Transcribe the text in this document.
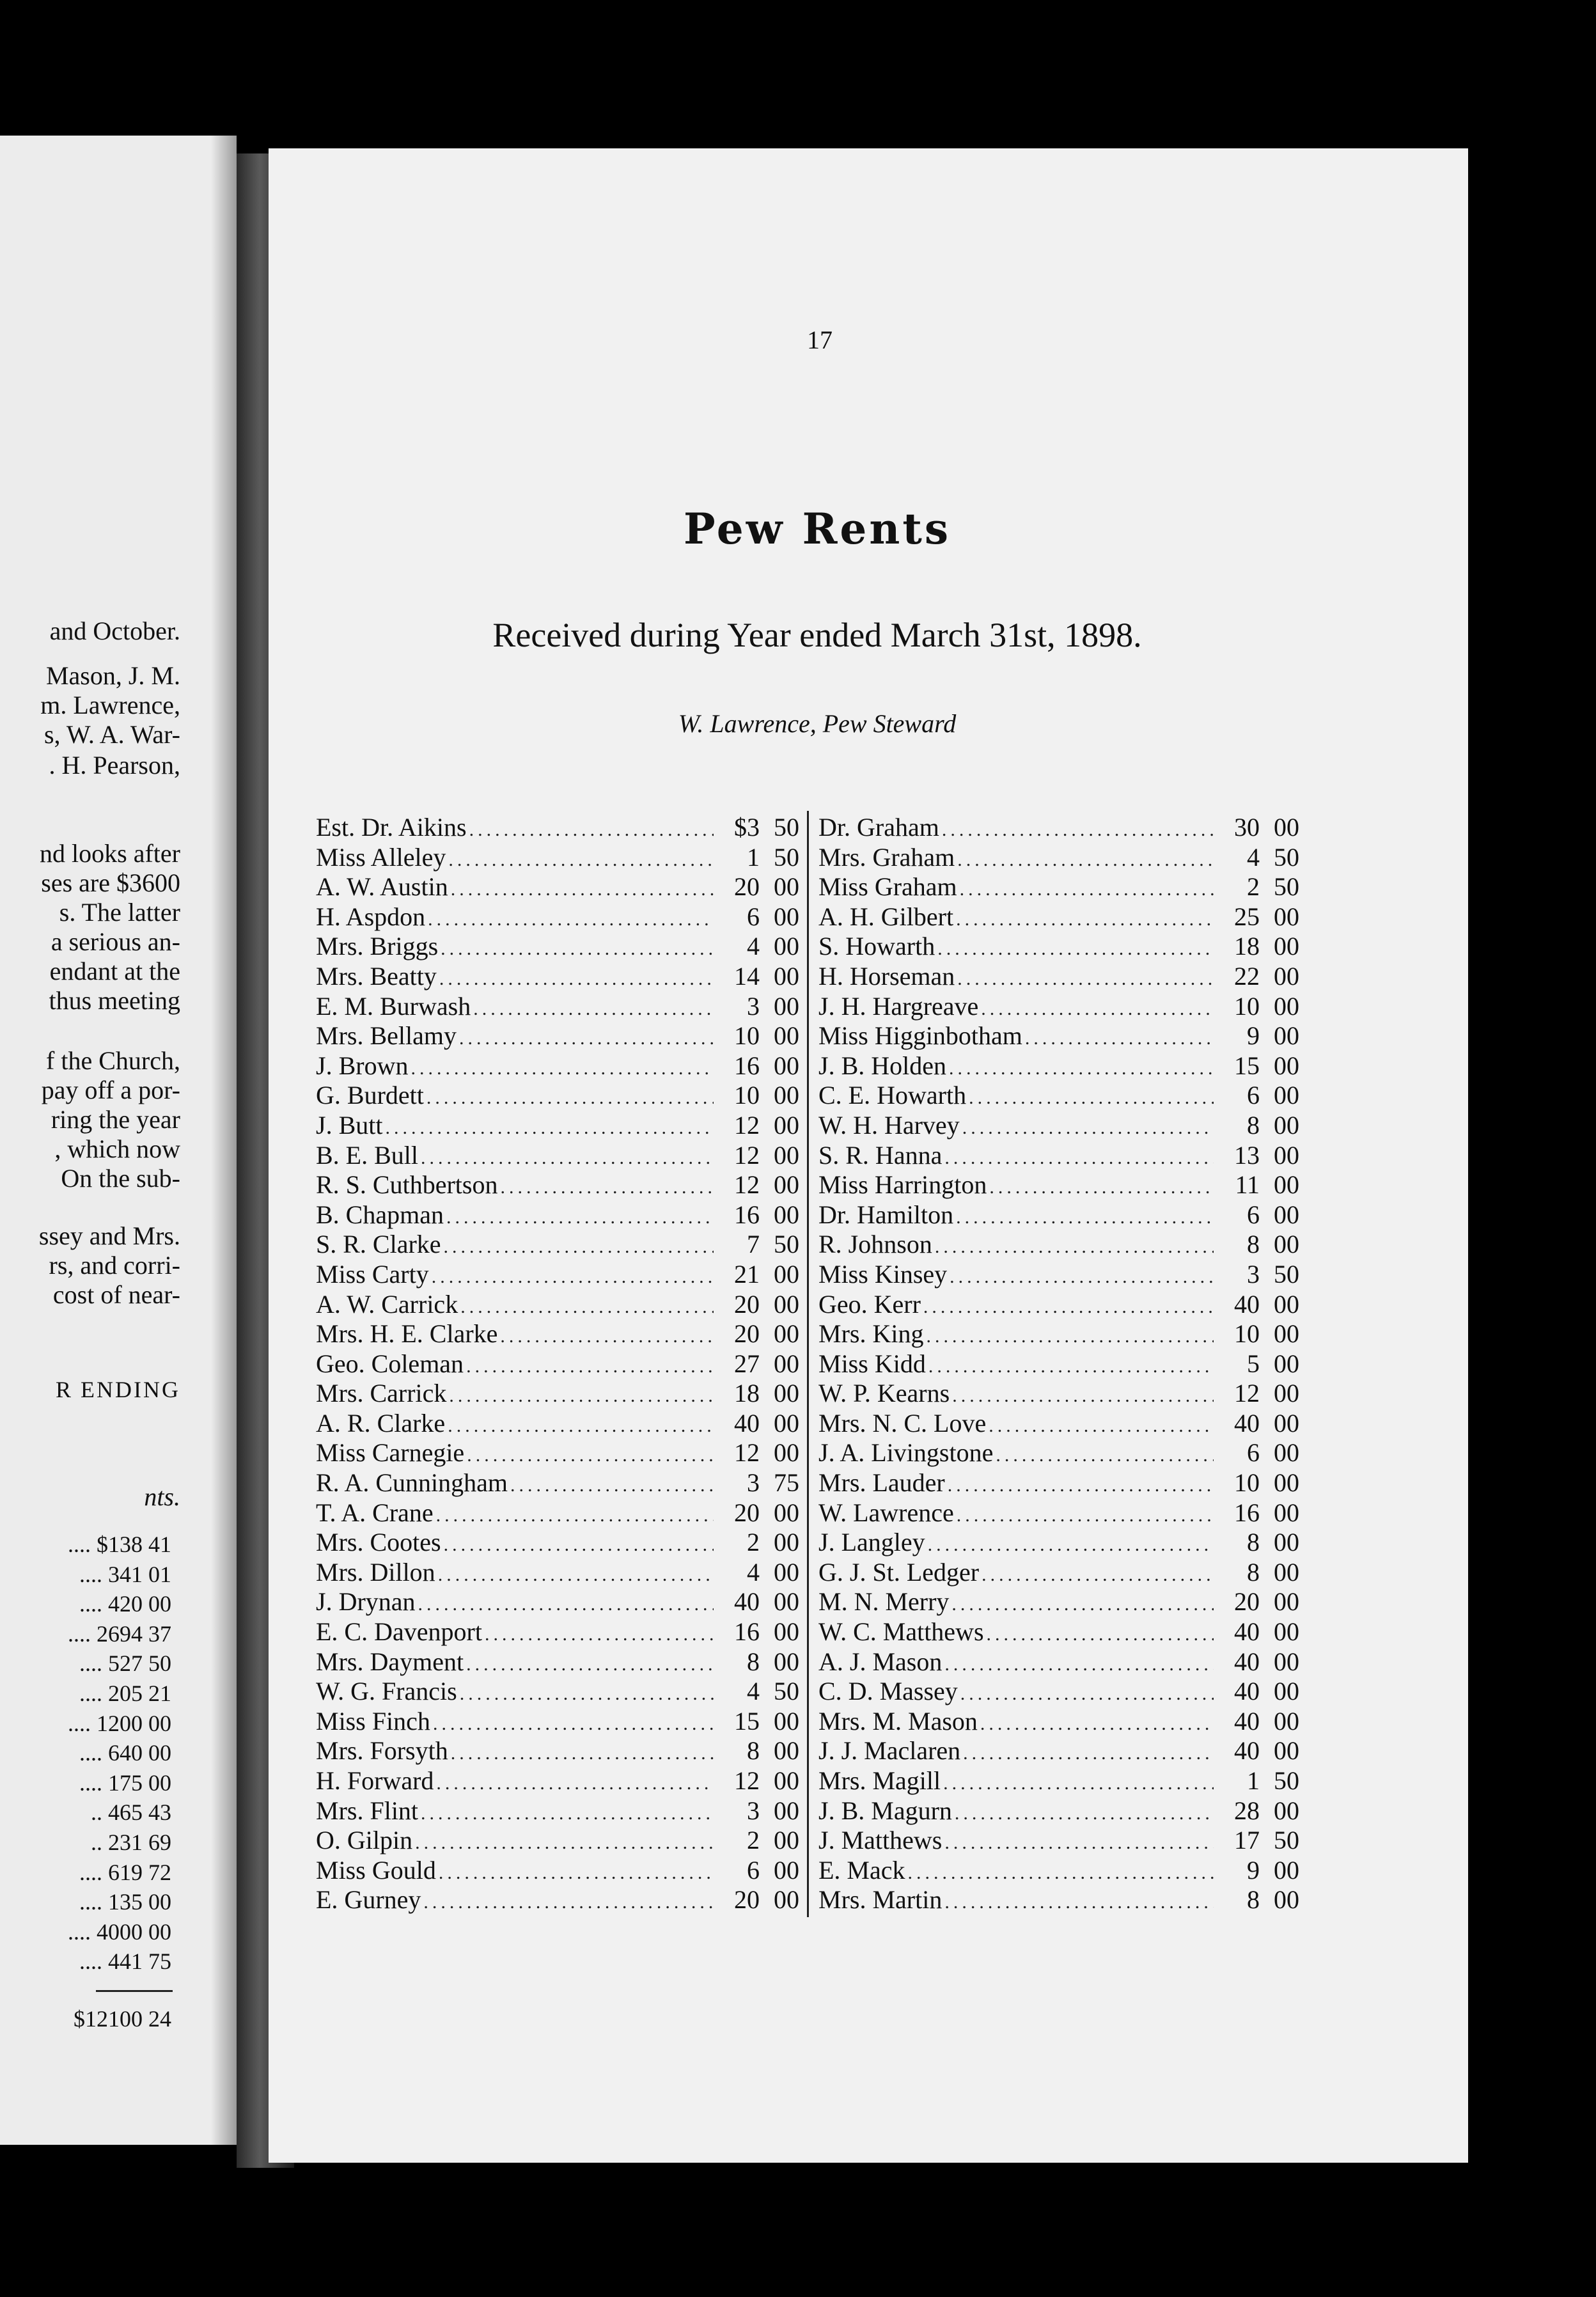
and October.
Mason, J. M.
m. Lawrence,
s, W. A. War-
. H. Pearson,
nd looks after
ses are $3600
s. The latter
a serious an-
endant at the
thus meeting
f the Church,
pay off a por-
ring the year
, which now
On the sub-
ssey and Mrs.
rs, and corri-
cost of near-
R ENDING
nts.
.... $138 41
.... 341 01
.... 420 00
.... 2694 37
.... 527 50
.... 205 21
.... 1200 00
.... 640 00
.... 175 00
.. 465 43
.. 231 69
.... 619 72
.... 135 00
.... 4000 00
.... 441 75
$12100 24
17
Pew Rents
Received during Year ended March 31st, 1898.
W. Lawrence, Pew Steward
Est. Dr. Aikins .....	$3 50
Miss Alleley .....	1 50
A. W. Austin .....	20 00
H. Aspdon .....	6 00
Mrs. Briggs .....	4 00
Mrs. Beatty .....	14 00
E. M. Burwash .....	3 00
Mrs. Bellamy .....	10 00
J. Brown .....	16 00
G. Burdett .....	10 00
J. Butt .....	12 00
B. E. Bull .....	12 00
R. S. Cuthbertson .....	12 00
B. Chapman .....	16 00
S. R. Clarke .....	7 50
Miss Carty .....	21 00
A. W. Carrick .....	20 00
Mrs. H. E. Clarke .....	20 00
Geo. Coleman .....	27 00
Mrs. Carrick .....	18 00
A. R. Clarke .....	40 00
Miss Carnegie .....	12 00
R. A. Cunningham .....	3 75
T. A. Crane .....	20 00
Mrs. Cootes .....	2 00
Mrs. Dillon .....	4 00
J. Drynan .....	40 00
E. C. Davenport .....	16 00
Mrs. Dayment .....	8 00
W. G. Francis .....	4 50
Miss Finch .....	15 00
Mrs. Forsyth .....	8 00
H. Forward .....	12 00
Mrs. Flint .....	3 00
O. Gilpin .....	2 00
Miss Gould .....	6 00
E. Gurney .....	20 00
Dr. Graham .....	30 00
Mrs. Graham .....	4 50
Miss Graham .....	2 50
A. H. Gilbert .....	25 00
S. Howarth .....	18 00
H. Horseman .....	22 00
J. H. Hargreave .....	10 00
Miss Higginbotham .....	9 00
J. B. Holden .....	15 00
C. E. Howarth .....	6 00
W. H. Harvey .....	8 00
S. R. Hanna .....	13 00
Miss Harrington .....	11 00
Dr. Hamilton .....	6 00
R. Johnson .....	8 00
Miss Kinsey .....	3 50
Geo. Kerr .....	40 00
Mrs. King .....	10 00
Miss Kidd .....	5 00
W. P. Kearns .....	12 00
Mrs. N. C. Love .....	40 00
J. A. Livingstone .....	6 00
Mrs. Lauder .....	10 00
W. Lawrence .....	16 00
J. Langley .....	8 00
G. J. St. Ledger .....	8 00
M. N. Merry .....	20 00
W. C. Matthews .....	40 00
A. J. Mason .....	40 00
C. D. Massey .....	40 00
Mrs. M. Mason .....	40 00
J. J. Maclaren .....	40 00
Mrs. Magill .....	1 50
J. B. Magurn .....	28 00
J. Matthews .....	17 50
E. Mack .....	9 00
Mrs. Martin .....	8 00
